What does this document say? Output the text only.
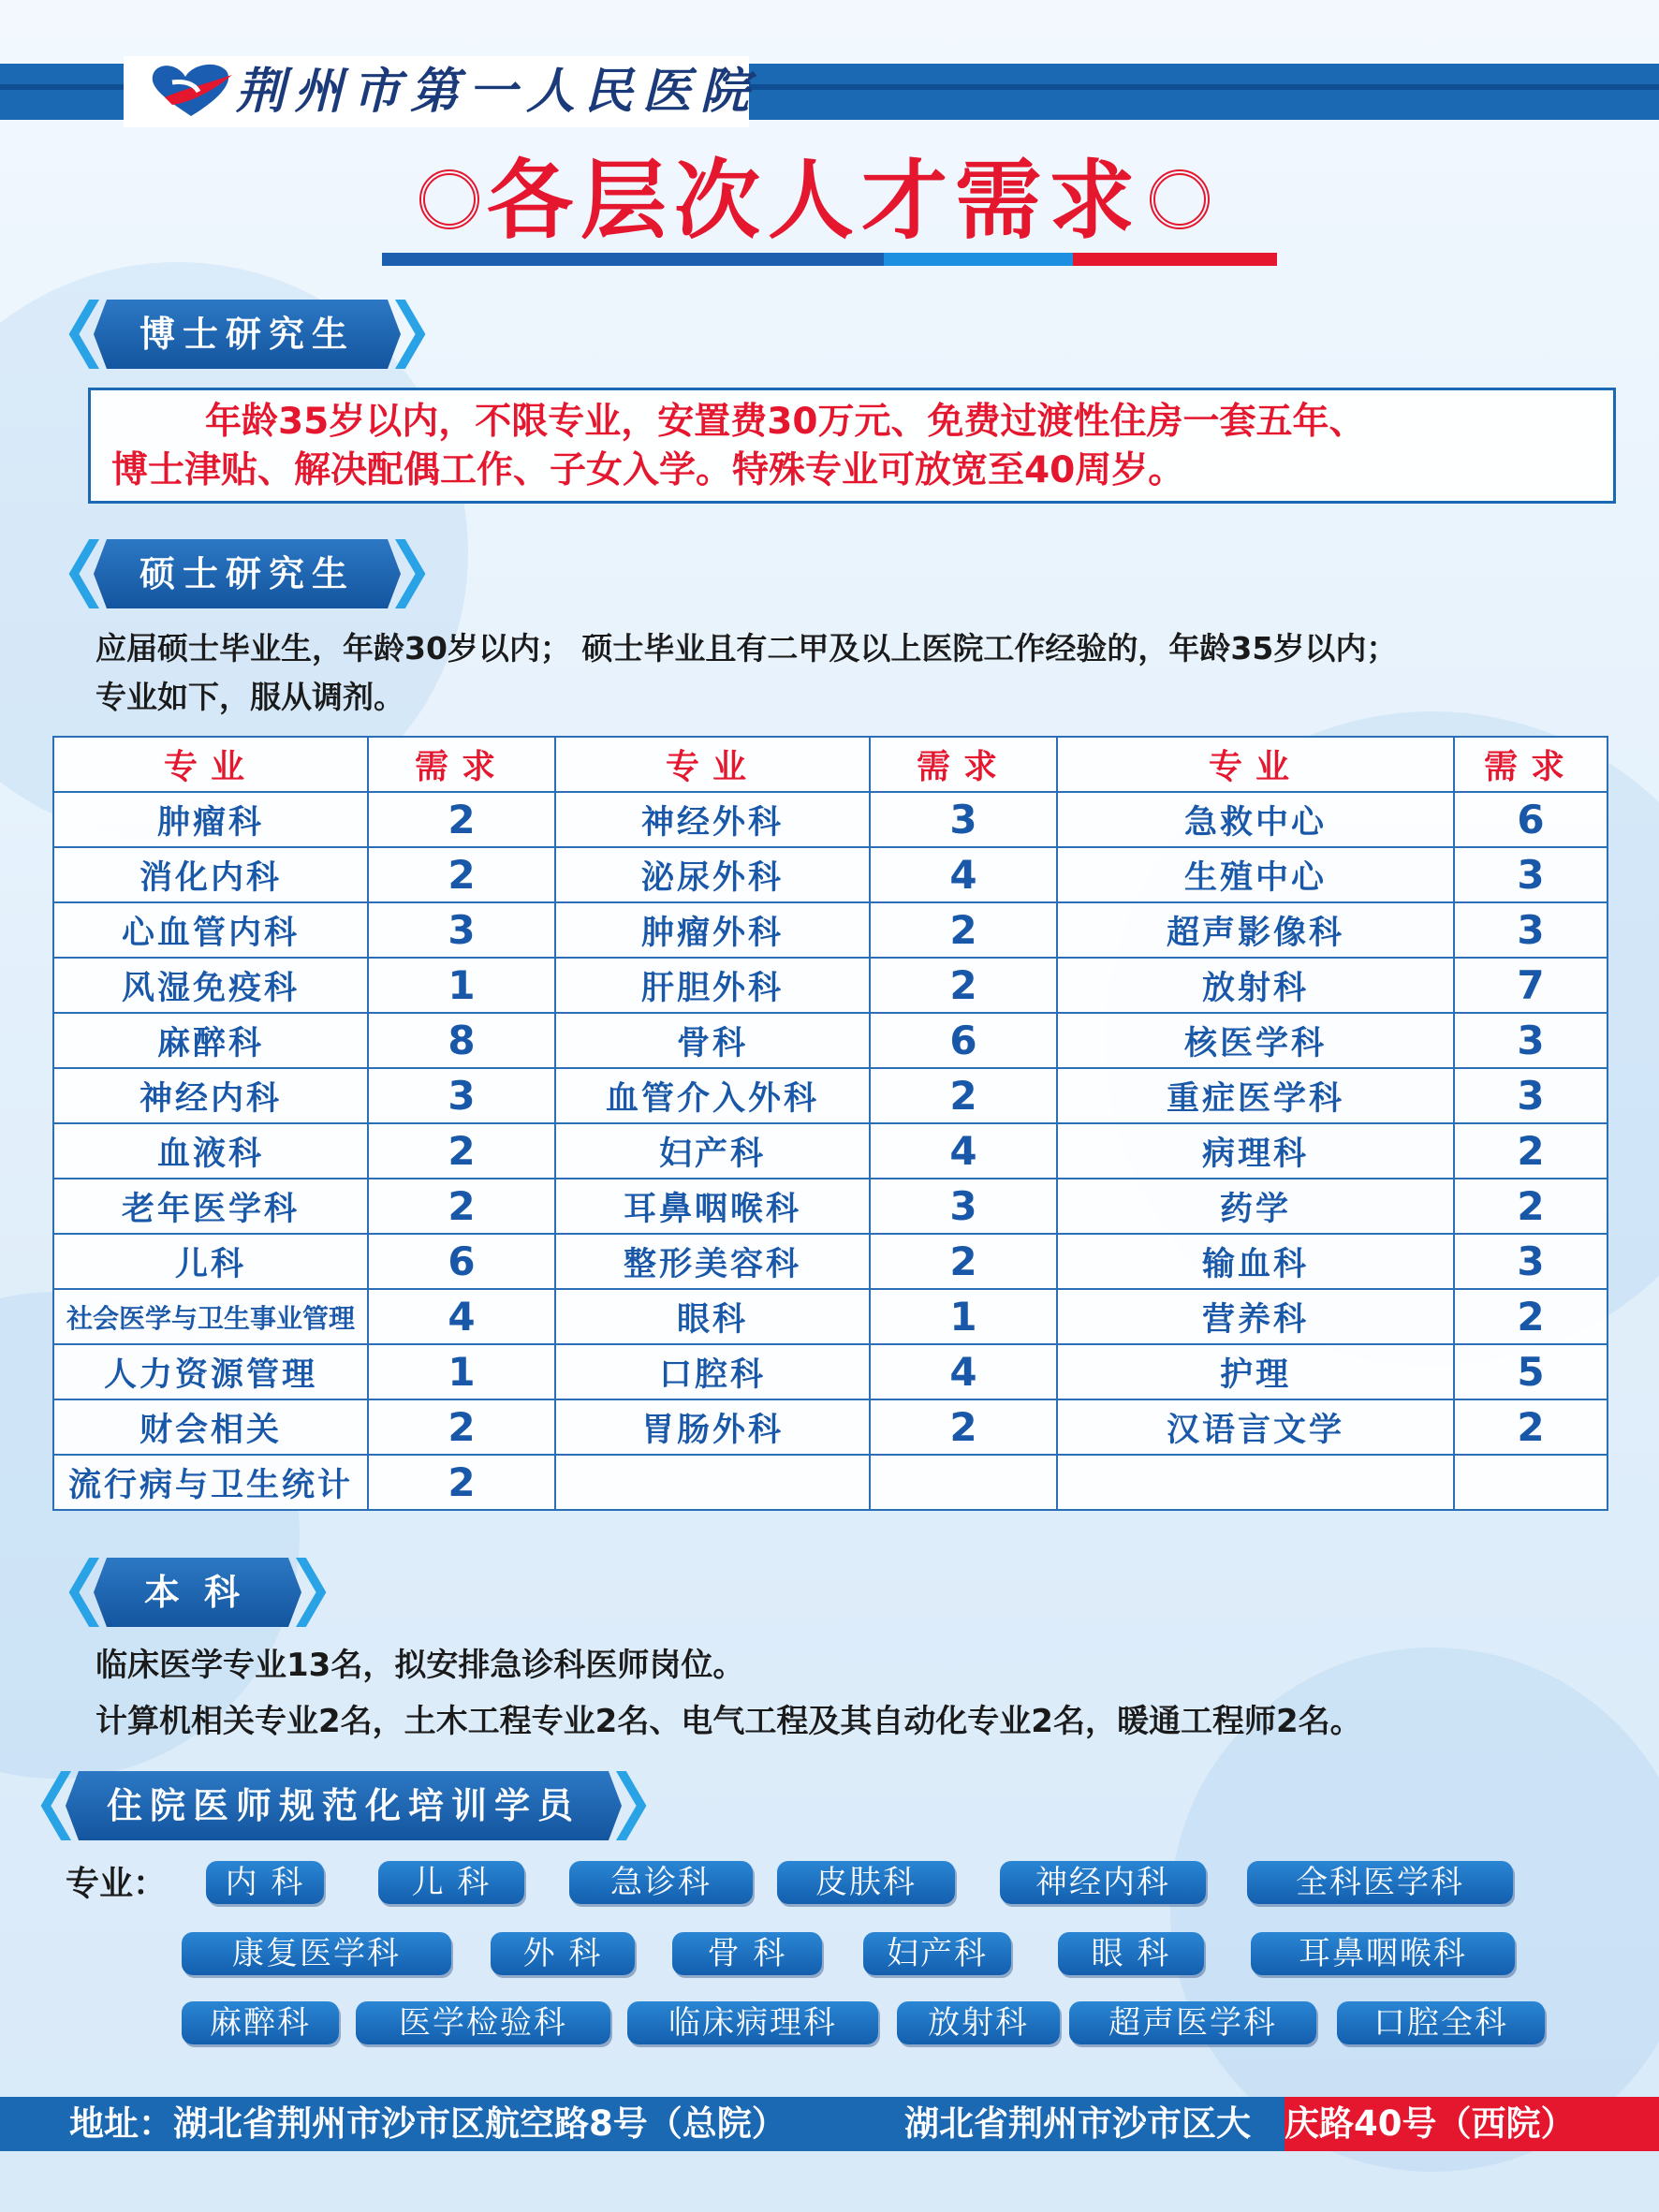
荆州市第一人民医院
各层次人才需求
博士研究生
年龄35岁以内，不限专业，安置费30万元、免费过渡性住房一套五年、
博士津贴、解决配偶工作、子女入学。特殊专业可放宽至40周岁。
硕士研究生
应届硕士毕业生，年龄30岁以内； 硕士毕业且有二甲及以上医院工作经验的，年龄35岁以内；
专业如下，服从调剂。
专业	需求	专业	需求	专业	需求
肿瘤科	2	神经外科	3	急救中心	6
消化内科	2	泌尿外科	4	生殖中心	3
心血管内科	3	肿瘤外科	2	超声影像科	3
风湿免疫科	1	肝胆外科	2	放射科	7
麻醉科	8	骨科	6	核医学科	3
神经内科	3	血管介入外科	2	重症医学科	3
血液科	2	妇产科	4	病理科	2
老年医学科	2	耳鼻咽喉科	3	药学	2
儿科	6	整形美容科	2	输血科	3
社会医学与卫生事业管理	4	眼科	1	营养科	2
人力资源管理	1	口腔科	4	护理	5
财会相关	2	胃肠外科	2	汉语言文学	2
流行病与卫生统计	2				
本科
临床医学专业13名，拟安排急诊科医师岗位。
计算机相关专业2名，土木工程专业2名、电气工程及其自动化专业2名，暖通工程师2名。
住院医师规范化培训学员
专业：	内 科	儿 科	急诊科	皮肤科	神经内科	全科医学科
康复医学科	外 科	骨 科	妇产科	眼 科	耳鼻咽喉科
麻醉科	医学检验科	临床病理科	放射科	超声医学科	口腔全科
地址：湖北省荆州市沙市区航空路8号（总院）	湖北省荆州市沙市区大 庆路40号（西院）
